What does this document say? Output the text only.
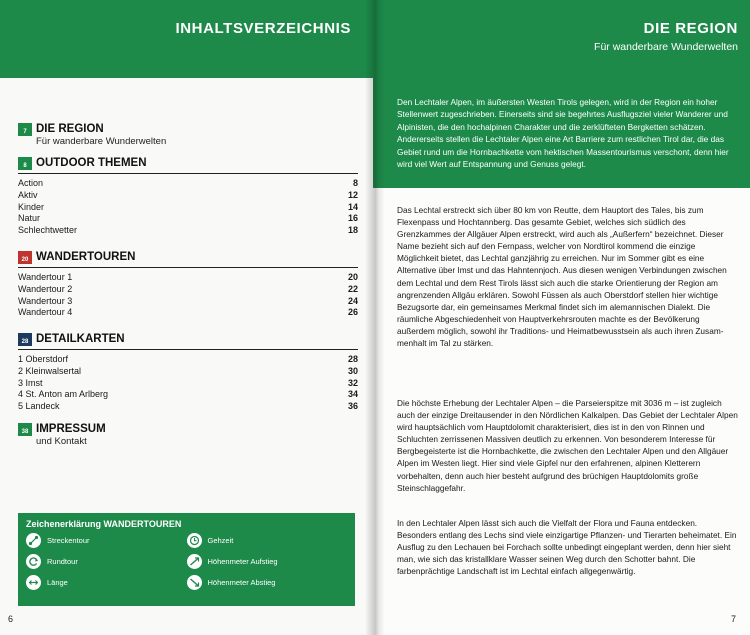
INHALTSVERZEICHNIS
7 DIE REGION
Für wanderbare Wunderwelten
8 OUTDOOR THEMEN
Action	8
Aktiv	12
Kinder	14
Natur	16
Schlechtwetter	18
20 WANDERTOUREN
Wandertour 1	20
Wandertour 2	22
Wandertour 3	24
Wandertour 4	26
28 DETAILKARTEN
1 Oberstdorf	28
2 Kleinwalsertal	30
3 Imst	32
4 St. Anton am Arlberg	34
5 Landeck	36
38 IMPRESSUM
und Kontakt
Zeichenerklärung WANDERTOUREN
Streckentour	Gehzeit
Rundtour	Höhenmeter Aufstieg
Länge	Höhenmeter Abstieg
6
DIE REGION
Für wanderbare Wunderwelten

Den Lechtaler Alpen, im äußersten Westen Tirols gelegen, wird in der Region ein hoher Stellenwert zugeschrieben. Einerseits sind sie begehrtes Ausflugsziel vieler Wanderer und Alpinisten, die den hochalpinen Charakter und die zerklüfteten Bergketten schätzen. Andererseits stellen die Lechtaler Alpen eine Art Barriere zum restlichen Tirol dar, die das Gebiet rund um die Hornbachkette vom hektischen Massentourismus verschont, denn hier wird viel Wert auf Entspannung und Genuss gelegt.

Das Lechtal erstreckt sich über 80 km von Reutte, dem Hauptort des Tales, bis zum Flexenpass und Hochtannberg. Das gesamte Gebiet, welches sich südlich des Grenzkammes der Allgäuer Alpen erstreckt, wird auch als „Außerfern“ bezeichnet. Dieser Name bezieht sich auf den Fernpass, welcher von Nordtirol kommend die einzige Möglichkeit bietet, das Lechtal ganzjährig zu erreichen. Nur im Sommer gibt es eine Alternative über Imst und das Hahntennjoch. Aus diesen wenigen Verbindungen zwischen dem Lechtal und dem Rest Tirols lässt sich auch die starke Orientierung der Region am angrenzenden Allgäu erklären. Sowohl Füssen als auch Oberstdorf stellen hier wichtige Bezugsorte dar, ein gemeinsames Merkmal findet sich im alemannischen Dialekt. Die räumliche Abgeschiedenheit von Hauptverkehrsrouten machte es der Bevölkerung außerdem möglich, sowohl ihr Traditions- und Heimatbewusstsein als auch ihren Zusammenhalt im Tal zu stärken.

Die höchste Erhebung der Lechtaler Alpen – die Parseierspitze mit 3036 m – ist zugleich auch der einzige Dreitausender in den Nördlichen Kalkalpen. Das Gebiet der Lechtaler Alpen wird hauptsächlich vom Hauptdolomit charakterisiert, dies ist in den von Rinnen und Schluchten zerrissenen Massiven deutlich zu erkennen. Von besonderem Interesse für Bergbegeisterte ist die Hornbachkette, die zwischen den Lechtaler Alpen und den Allgäuer Alpen im Westen liegt. Hier sind viele Gipfel nur den erfahrenen, alpinen Kletterern vorbehalten, denn auch hier besteht aufgrund des brüchigen Hauptdolomits große Steinschlaggefahr.

In den Lechtaler Alpen lässt sich auch die Vielfalt der Flora und Fauna entdecken. Besonders entlang des Lechs sind viele einzigartige Pflanzen- und Tierarten beheimatet. Ein Ausflug zu den Lechauen bei Forchach sollte unbedingt eingeplant werden, denn hier sieht man, wie sich das kristallklare Wasser seinen Weg durch den Schotter bahnt. Die farbenprächtige Landschaft ist im Lechtal einfach allgegenwärtig.

7
